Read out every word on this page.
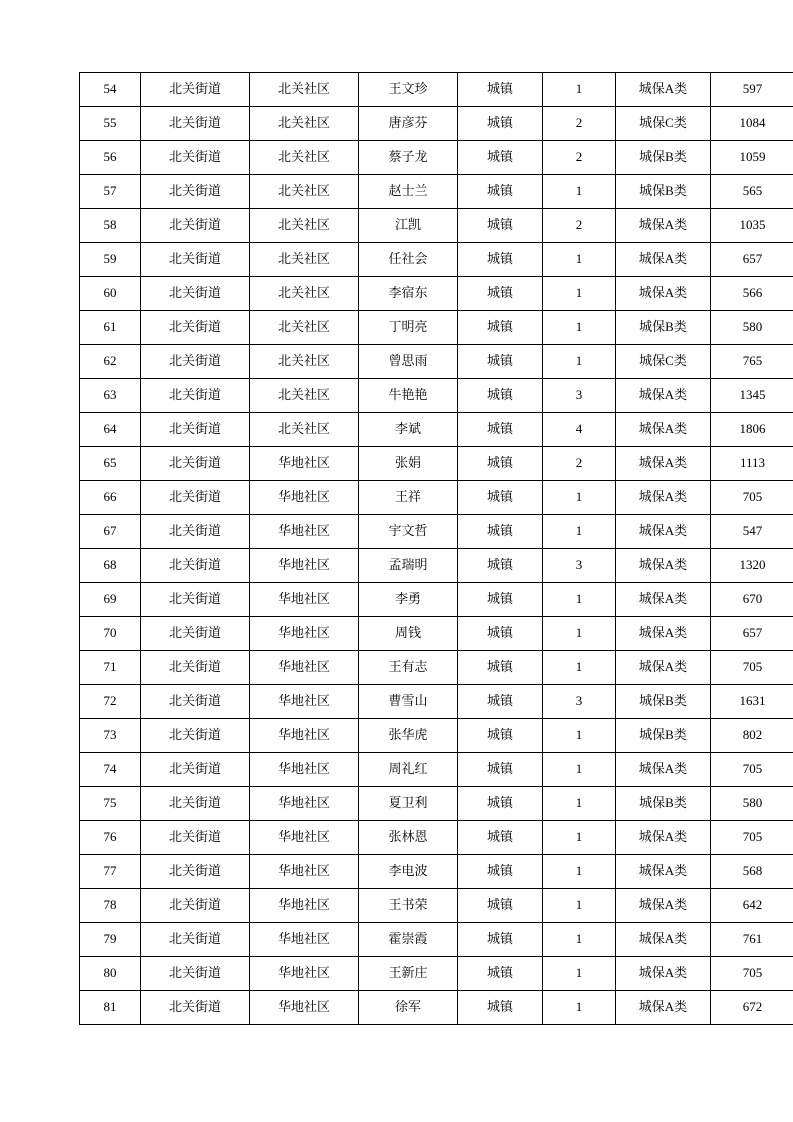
54	北关街道	北关社区	王文珍	城镇	1	城保A类	597
55	北关街道	北关社区	唐彦芬	城镇	2	城保C类	1084
56	北关街道	北关社区	蔡子龙	城镇	2	城保B类	1059
57	北关街道	北关社区	赵士兰	城镇	1	城保B类	565
58	北关街道	北关社区	江凯	城镇	2	城保A类	1035
59	北关街道	北关社区	任社会	城镇	1	城保A类	657
60	北关街道	北关社区	李宿东	城镇	1	城保A类	566
61	北关街道	北关社区	丁明亮	城镇	1	城保B类	580
62	北关街道	北关社区	曾思雨	城镇	1	城保C类	765
63	北关街道	北关社区	牛艳艳	城镇	3	城保A类	1345
64	北关街道	北关社区	李斌	城镇	4	城保A类	1806
65	北关街道	华地社区	张娟	城镇	2	城保A类	1113
66	北关街道	华地社区	王祥	城镇	1	城保A类	705
67	北关街道	华地社区	宇文哲	城镇	1	城保A类	547
68	北关街道	华地社区	孟瑞明	城镇	3	城保A类	1320
69	北关街道	华地社区	李勇	城镇	1	城保A类	670
70	北关街道	华地社区	周钱	城镇	1	城保A类	657
71	北关街道	华地社区	王有志	城镇	1	城保A类	705
72	北关街道	华地社区	曹雪山	城镇	3	城保B类	1631
73	北关街道	华地社区	张华虎	城镇	1	城保B类	802
74	北关街道	华地社区	周礼红	城镇	1	城保A类	705
75	北关街道	华地社区	夏卫利	城镇	1	城保B类	580
76	北关街道	华地社区	张林恩	城镇	1	城保A类	705
77	北关街道	华地社区	李电波	城镇	1	城保A类	568
78	北关街道	华地社区	王书荣	城镇	1	城保A类	642
79	北关街道	华地社区	霍崇霞	城镇	1	城保A类	761
80	北关街道	华地社区	王新庄	城镇	1	城保A类	705
81	北关街道	华地社区	徐军	城镇	1	城保A类	672
